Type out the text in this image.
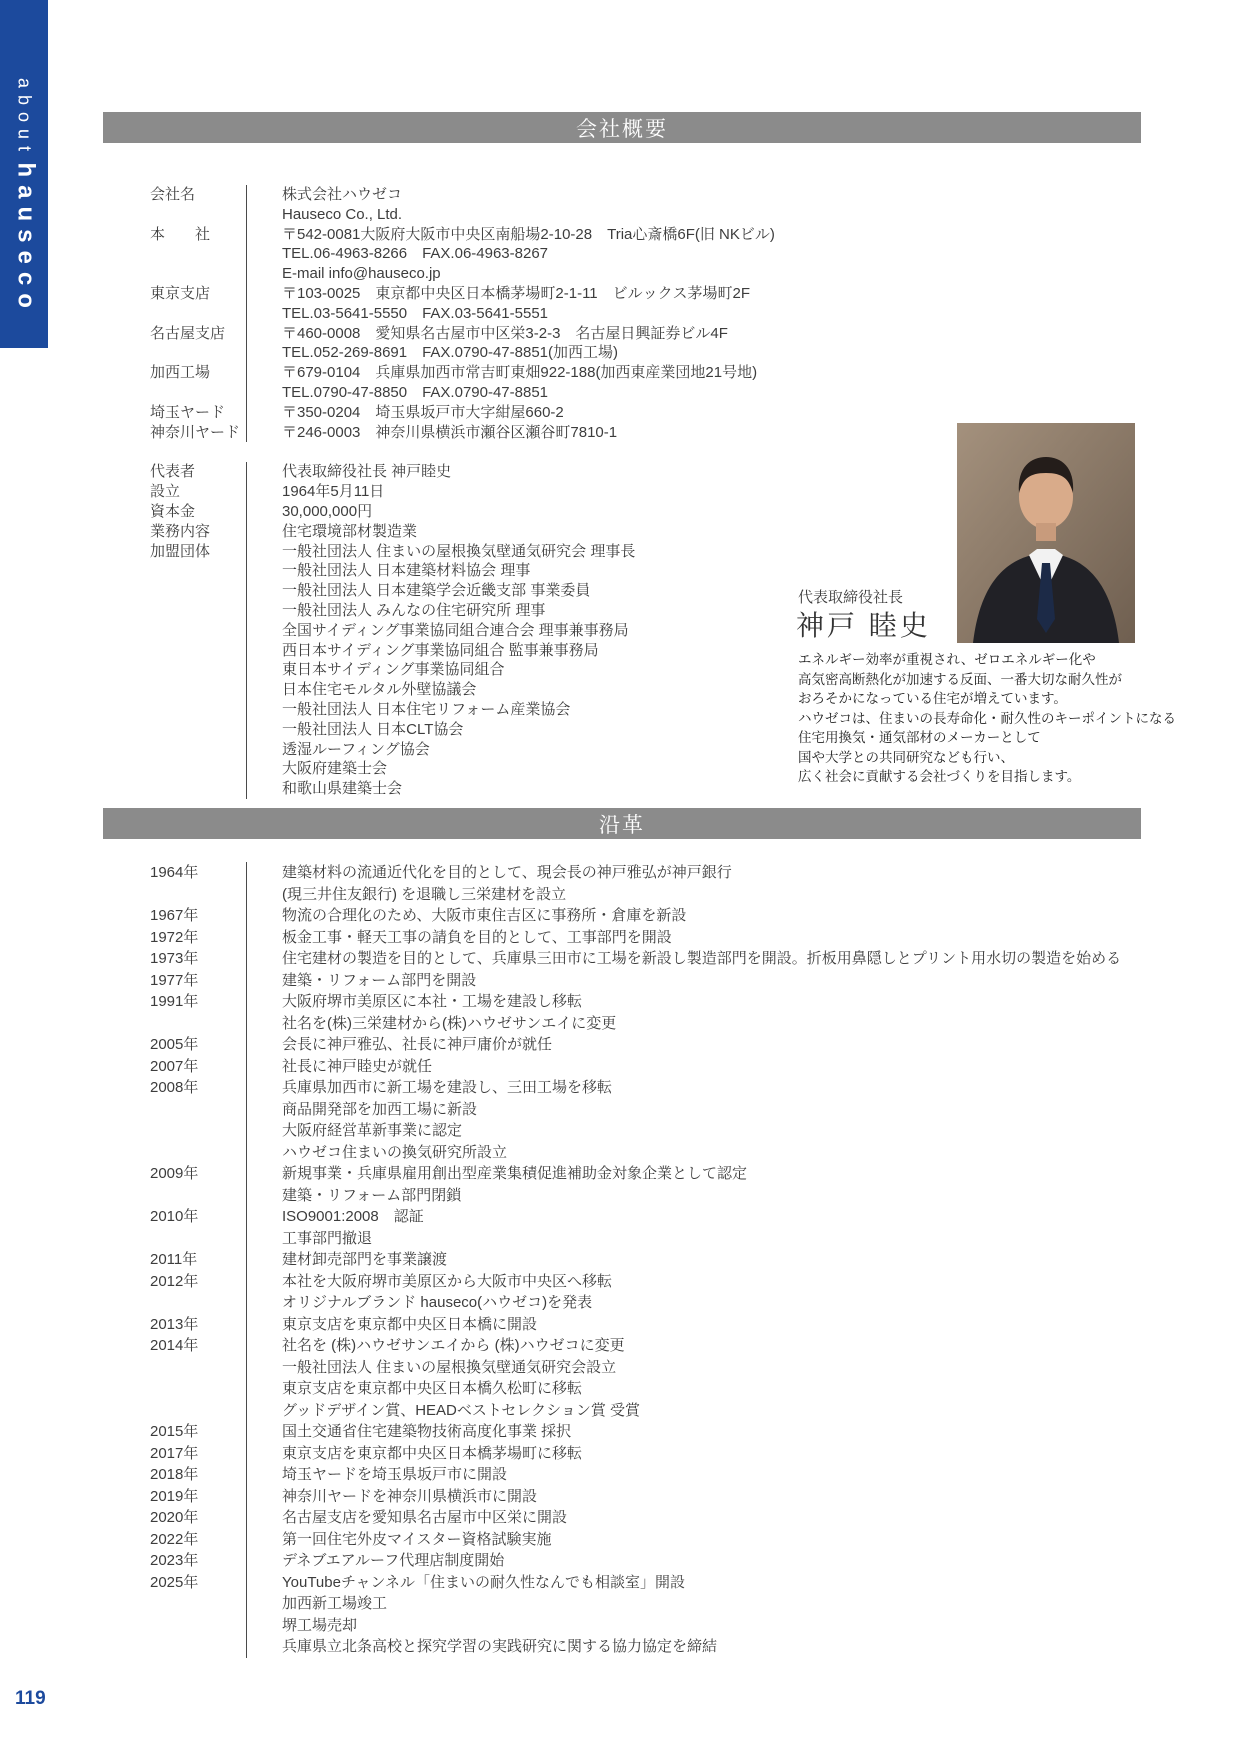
about hauseco
会社概要
会社名	株式会社ハウゼコ
Hauseco Co., Ltd.
本　　社	〒542-0081大阪府大阪市中央区南船場2-10-28　Tria心斎橋6F(旧 NKビル)
TEL.06-4963-8266　FAX.06-4963-8267
E-mail info@hauseco.jp
東京支店	〒103-0025　東京都中央区日本橋茅場町2-1-11　ビルックス茅場町2F
TEL.03-5641-5550　FAX.03-5641-5551
名古屋支店	〒460-0008　愛知県名古屋市中区栄3-2-3　名古屋日興証券ビル4F
TEL.052-269-8691　FAX.0790-47-8851(加西工場)
加西工場	〒679-0104　兵庫県加西市常吉町東畑922-188(加西東産業団地21号地)
TEL.0790-47-8850　FAX.0790-47-8851
埼玉ヤード	〒350-0204　埼玉県坂戸市大字紺屋660-2
神奈川ヤード	〒246-0003　神奈川県横浜市瀬谷区瀬谷町7810-1
代表者	代表取締役社長 神戸睦史
設立	1964年5月11日
資本金	30,000,000円
業務内容	住宅環境部材製造業
加盟団体	一般社団法人 住まいの屋根換気壁通気研究会 理事長
一般社団法人 日本建築材料協会 理事
一般社団法人 日本建築学会近畿支部 事業委員
一般社団法人 みんなの住宅研究所 理事
全国サイディング事業協同組合連合会 理事兼事務局
西日本サイディング事業協同組合 監事兼事務局
東日本サイディング事業協同組合
日本住宅モルタル外壁協議会
一般社団法人 日本住宅リフォーム産業協会
一般社団法人 日本CLT協会
透湿ルーフィング協会
大阪府建築士会
和歌山県建築士会
代表取締役社長
神戸 睦史
エネルギー効率が重視され、ゼロエネルギー化や
高気密高断熱化が加速する反面、一番大切な耐久性が
おろそかになっている住宅が増えています。
ハウゼコは、住まいの長寿命化・耐久性のキーポイントになる
住宅用換気・通気部材のメーカーとして
国や大学との共同研究なども行い、
広く社会に貢献する会社づくりを目指します。
沿革
1964年	建築材料の流通近代化を目的として、現会長の神戸雅弘が神戸銀行
(現三井住友銀行) を退職し三栄建材を設立
1967年	物流の合理化のため、大阪市東住吉区に事務所・倉庫を新設
1972年	板金工事・軽天工事の請負を目的として、工事部門を開設
1973年	住宅建材の製造を目的として、兵庫県三田市に工場を新設し製造部門を開設。折板用鼻隠しとプリント用水切の製造を始める
1977年	建築・リフォーム部門を開設
1991年	大阪府堺市美原区に本社・工場を建設し移転
社名を(株)三栄建材から(株)ハウゼサンエイに変更
2005年	会長に神戸雅弘、社長に神戸庸价が就任
2007年	社長に神戸睦史が就任
2008年	兵庫県加西市に新工場を建設し、三田工場を移転
商品開発部を加西工場に新設
大阪府経営革新事業に認定
ハウゼコ住まいの換気研究所設立
2009年	新規事業・兵庫県雇用創出型産業集積促進補助金対象企業として認定
建築・リフォーム部門閉鎖
2010年	ISO9001:2008　認証
工事部門撤退
2011年	建材卸売部門を事業譲渡
2012年	本社を大阪府堺市美原区から大阪市中央区へ移転
オリジナルブランド hauseco(ハウゼコ)を発表
2013年	東京支店を東京都中央区日本橋に開設
2014年	社名を (株)ハウゼサンエイから (株)ハウゼコに変更
一般社団法人 住まいの屋根換気壁通気研究会設立
東京支店を東京都中央区日本橋久松町に移転
グッドデザイン賞、HEADベストセレクション賞 受賞
2015年	国土交通省住宅建築物技術高度化事業 採択
2017年	東京支店を東京都中央区日本橋茅場町に移転
2018年	埼玉ヤードを埼玉県坂戸市に開設
2019年	神奈川ヤードを神奈川県横浜市に開設
2020年	名古屋支店を愛知県名古屋市中区栄に開設
2022年	第一回住宅外皮マイスター資格試験実施
2023年	デネブエアルーフ代理店制度開始
2025年	YouTubeチャンネル「住まいの耐久性なんでも相談室」開設
加西新工場竣工
堺工場売却
兵庫県立北条高校と探究学習の実践研究に関する協力協定を締結
119
